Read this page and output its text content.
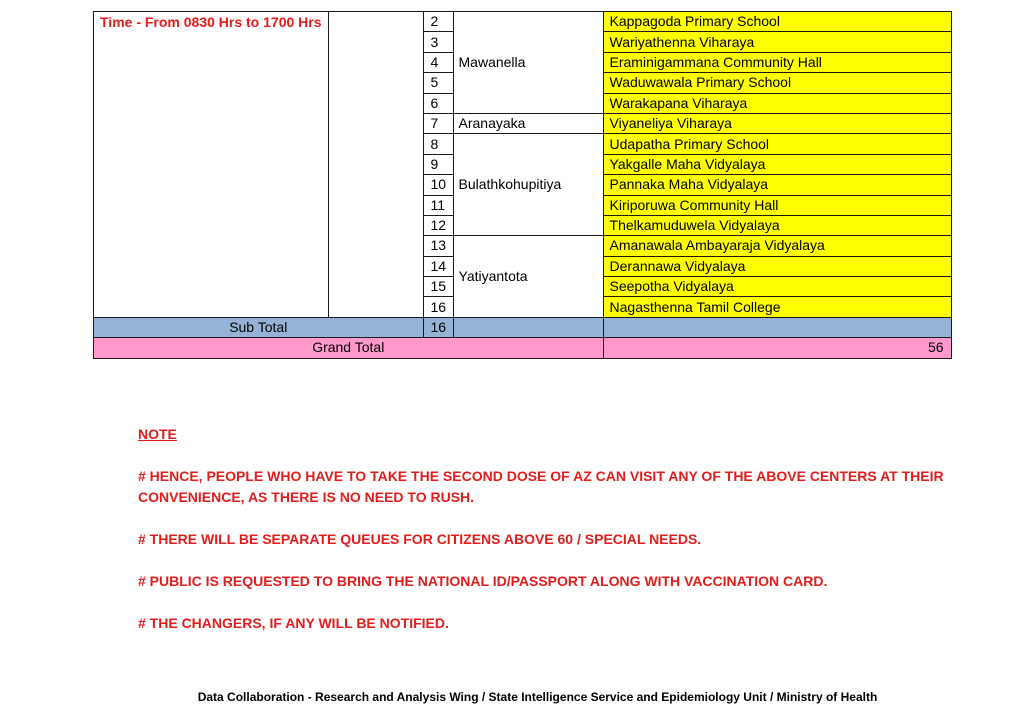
Time - From 0830 Hrs to 1700 Hrs		2	Mawanella	Kappagoda Primary School
		3		Wariyathenna Viharaya
		4		Eraminigammana Community Hall
		5		Waduwawala Primary School
		6		Warakapana Viharaya
		7	Aranayaka	Viyaneliya Viharaya
		8	Bulathkohupitiya	Udapatha Primary School
		9		Yakgalle Maha Vidyalaya
		10		Pannaka Maha Vidyalaya
		11		Kiriporuwa Community Hall
		12		Thelkamuduwela Vidyalaya
		13	Yatiyantota	Amanawala Ambayaraja Vidyalaya
		14		Derannawa Vidyalaya
		15		Seepotha Vidyalaya
		16		Nagasthenna Tamil College
Sub Total		16		
Grand Total				56
NOTE
# HENCE, PEOPLE WHO HAVE TO TAKE THE SECOND DOSE OF AZ CAN VISIT ANY OF THE ABOVE CENTERS AT THEIR CONVENIENCE, AS THERE IS NO NEED TO RUSH.
# THERE WILL BE SEPARATE QUEUES FOR CITIZENS ABOVE 60 / SPECIAL NEEDS.
# PUBLIC IS REQUESTED TO BRING THE NATIONAL ID/PASSPORT ALONG WITH VACCINATION CARD.
# THE CHANGERS, IF ANY WILL BE NOTIFIED.
Data Collaboration - Research and Analysis Wing / State Intelligence Service and Epidemiology Unit / Ministry of Health
